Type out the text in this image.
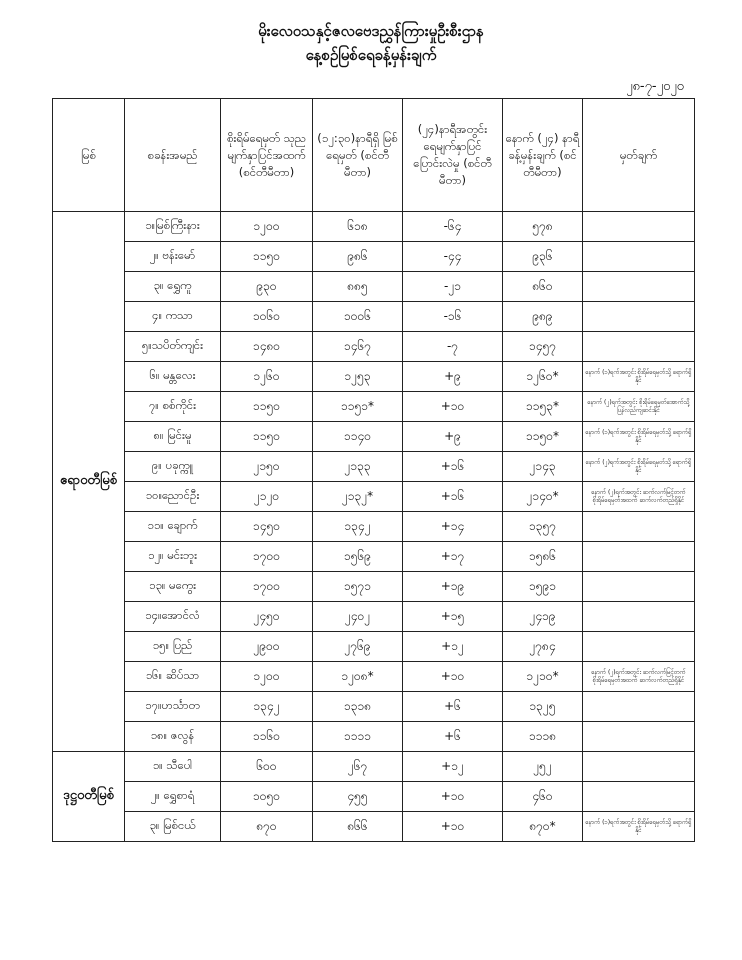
မိုးလေဝသနှင့်ဇလဗေဒညွှန်ကြားမှုဦးစီးဌာန
နေ့စဉ်မြစ်ရေခန့်မှန်းချက်
၂၈-၇-၂၀၂၀
မြစ်	စခန်းအမည်	စိုးရိမ်ရေမှတ် သုညမျက်နှာပြင်အထက် (စင်တီမီတာ)	(၁၂:၃၀)နာရီရှိ မြစ်ရေမှတ် (စင်တီမီတာ)	(၂၄)နာရီအတွင်း ရေမျက်နှာပြင် ပြောင်းလဲမှု (စင်တီမီတာ)	နောက် (၂၄) နာရီ ခန့်မှန်းချက် (စင်တီမီတာ)	မှတ်ချက်
ဧရာဝတီမြစ်	၁။မြစ်ကြီးနား	၁၂၀၀	၆၁၈	-၆၄	၅၇၈	
	၂။ ဗန်းမော်	၁၁၅၀	၉၈၆	-၄၄	၉၃၆	
	၃။ ရွှေကူ	၉၃၀	၈၈၅	-၂၁	၈၆၀	
	၄။ ကသာ	၁၀၆၀	၁၀၀၆	-၁၆	၉၈၉	
	၅။သပိတ်ကျင်း	၁၄၈၀	၁၄၆၇	-၇	၁၄၅၇	
	၆။ မန္တလေး	၁၂၆၀	၁၂၅၃	+၉	၁၂၆၀*	နောက် (၁)ရက်အတွင်း စိုးရိမ်ရေမှတ်သို့ ရောက်ရှိနိုင်
	၇။ စစ်ကိုင်း	၁၁၅၀	၁၁၅၁*	+၁၀	၁၁၅၃*	နောက် (၂)ရက်အတွင်း စိုးရိမ်ရေမှတ်အောက်သို့ ပြန်လည်ကျဆင်းနိုင်
	၈။ မြင်းမူ	၁၁၅၀	၁၁၄၀	+၉	၁၁၅၀*	နောက် (၁)ရက်အတွင်း စိုးရိမ်ရေမှတ်သို့ ရောက်ရှိနိုင်
	၉။ ပခုက္ကူ	၂၁၅၀	၂၁၃၃	+၁၆	၂၁၄၃	နောက် (၂)ရက်အတွင်း စိုးရိမ်ရေမှတ်သို့ ရောက်ရှိနိုင်
	၁၀။ညောင်ဦး	၂၁၂၀	၂၁၃၂*	+၁၆	၂၁၄၀*	နောက် (၂)ရက်အတွင်း ဆက်လက်မြင့်တက် စိုးရိမ်ရေမှတ်အထက် ဆက်လက်တည်ရှိနိုင်
	၁၁။ ချောက်	၁၄၅၀	၁၃၄၂	+၁၄	၁၃၅၇	
	၁၂။ မင်းဘူး	၁၇၀၀	၁၅၆၉	+၁၇	၁၅၈၆	
	၁၃။ မကွေး	၁၇၀၀	၁၅၇၁	+၁၉	၁၅၉၁	
	၁၄။အောင်လံ	၂၄၅၀	၂၄၀၂	+၁၅	၂၄၁၉	
	၁၅။ ပြည်	၂၉၀၀	၂၇၆၉	+၁၂	၂၇၈၄	
	၁၆။ ဆိပ်သာ	၁၂၀၀	၁၂၀၈*	+၁၀	၁၂၁၀*	နောက် (၂)ရက်အတွင်း ဆက်လက်မြင့်တက် စိုးရိမ်ရေမှတ်အထက် ဆက်လက်တည်ရှိနိုင်
	၁၇။ဟင်္သာတ	၁၃၄၂	၁၃၁၈	+၆	၁၃၂၅	
	၁၈။ ဇလွန်	၁၁၆၀	၁၁၁၁	+၆	၁၁၁၈	
ဒုဋ္ဌဝတီမြစ်	၁။ သီပေါ	၆၀၀	၂၆၇	+၁၂	၂၅၂	
	၂။ ရွှေစာရံ	၁၀၅၀	၄၅၅	+၁၀	၄၆၀	
	၃။ မြစ်ငယ်	၈၇၀	၈၆၆	+၁၀	၈၇၀*	နောက် (၁)ရက်အတွင်း စိုးရိမ်ရေမှတ်သို့ ရောက်ရှိနိုင်
